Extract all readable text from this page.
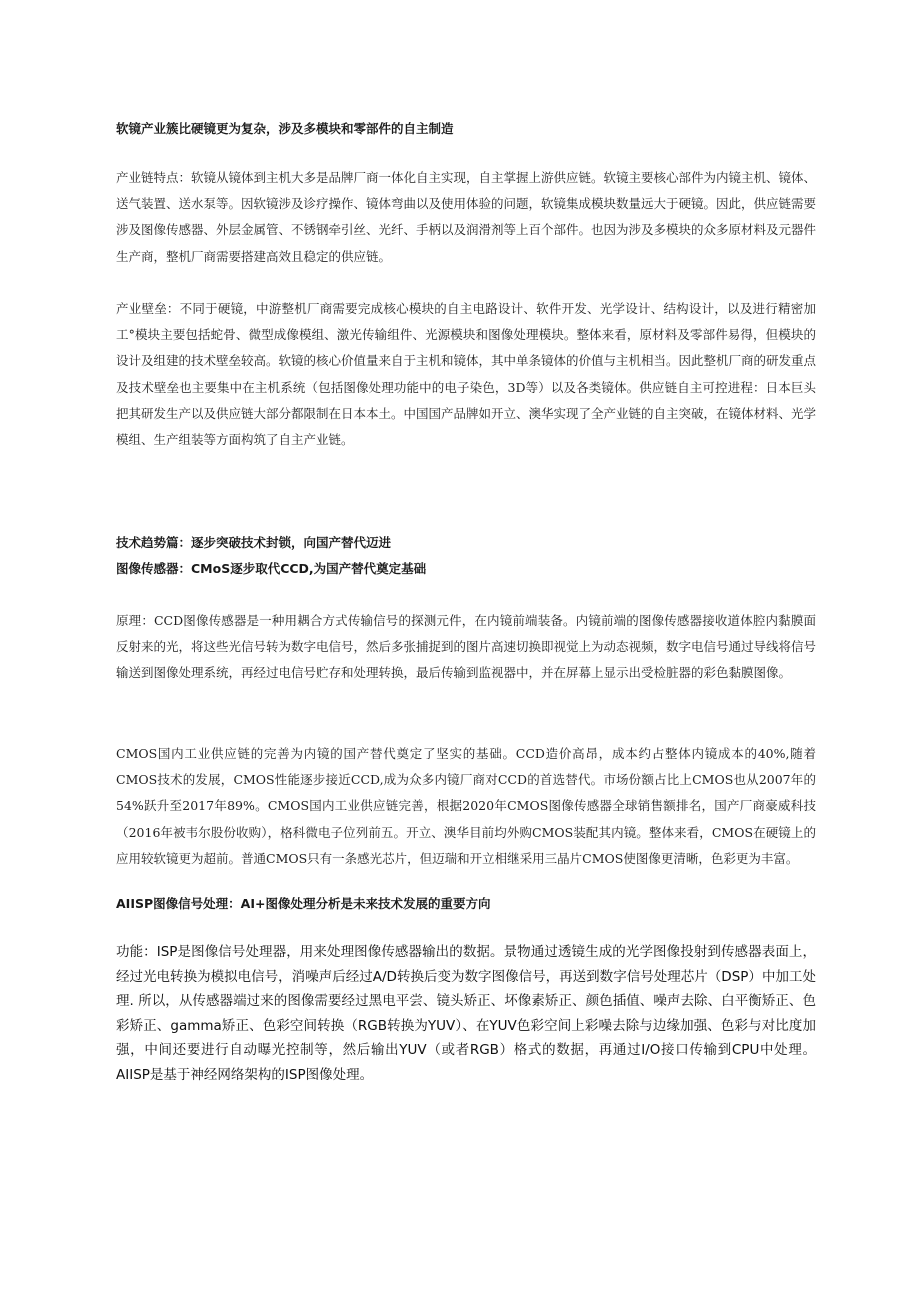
软镜产业簇比硬镜更为复杂，涉及多模块和零部件的自主制造

产业链特点：软镜从镜体到主机大多是品牌厂商一体化自主实现，自主掌握上游供应链。软镜主要核心部件为内镜主机、镜体、送气装置、送水泵等。因软镜涉及诊疗操作、镜体弯曲以及使用体验的问题，软镜集成模块数量远大于硬镜。因此，供应链需要涉及图像传感器、外层金属管、不锈钢牵引丝、光纤、手柄以及润滑剂等上百个部件。也因为涉及多模块的众多原材料及元器件生产商，整机厂商需要搭建高效且稳定的供应链。

产业壁垒：不同于硬镜，中游整机厂商需要完成核心模块的自主电路设计、软件开发、光学设计、结构设计，以及进行精密加工°模块主要包括蛇骨、微型成像模组、激光传输组件、光源模块和图像处理模块。整体来看，原材料及零部件易得，但模块的设计及组建的技术壁垒较高。软镜的核心价值量来自于主机和镜体，其中单条镜体的价值与主机相当。因此整机厂商的研发重点及技术壁垒也主要集中在主机系统（包括图像处理功能中的电子染色，3D等）以及各类镜体。供应链自主可控进程：日本巨头把其研发生产以及供应链大部分都限制在日本本土。中国国产品牌如开立、澳华实现了全产业链的自主突破，在镜体材料、光学模组、生产组装等方面构筑了自主产业链。

技术趋势篇：逐步突破技术封锁，向国产替代迈进
图像传感器：CMoS逐步取代CCD,为国产替代奠定基础

原理：CCD图像传感器是一种用耦合方式传输信号的探测元件，在内镜前端装备。内镜前端的图像传感器接收道体腔内黏膜面反射来的光，将这些光信号转为数字电信号，然后多张捕捉到的图片高速切换即视觉上为动态视频，数字电信号通过导线将信号输送到图像处理系统，再经过电信号贮存和处理转换，最后传输到监视器中，并在屏幕上显示出受检脏器的彩色黏膜图像。

CMOS国内工业供应链的完善为内镜的国产替代奠定了坚实的基础。CCD造价高昂，成本约占整体内镜成本的40%,随着CMOS技术的发展，CMOS性能逐步接近CCD,成为众多内镜厂商对CCD的首选替代。市场份额占比上CMOS也从2007年的54%跃升至2017年89%。CMOS国内工业供应链完善，根据2020年CMOS图像传感器全球销售额排名，国产厂商豪威科技（2016年被韦尔股份收购），格科微电子位列前五。开立、澳华目前均外购CMOS装配其内镜。整体来看，CMOS在硬镜上的应用较软镜更为超前。普通CMOS只有一条感光芯片，但迈瑞和开立相继采用三晶片CMOS使图像更清晰，色彩更为丰富。

AIISP图像信号处理：AI+图像处理分析是未来技术发展的重要方向

功能：ISP是图像信号处理器，用来处理图像传感器输出的数据。景物通过透镜生成的光学图像投射到传感器表面上，经过光电转换为模拟电信号，消噪声后经过A/D转换后变为数字图像信号，再送到数字信号处理芯片（DSP）中加工处理. 所以，从传感器端过来的图像需要经过黑电平尝、镜头矫正、坏像素矫正、颜色插值、噪声去除、白平衡矫正、色彩矫正、gamma矫正、色彩空间转换（RGB转换为YUV）、在YUV色彩空间上彩噪去除与边缘加强、色彩与对比度加强，中间还要进行自动曝光控制等，然后输出YUV（或者RGB）格式的数据，再通过I/O接口传输到CPU中处理。AIISP是基于神经网络架构的ISP图像处理。
